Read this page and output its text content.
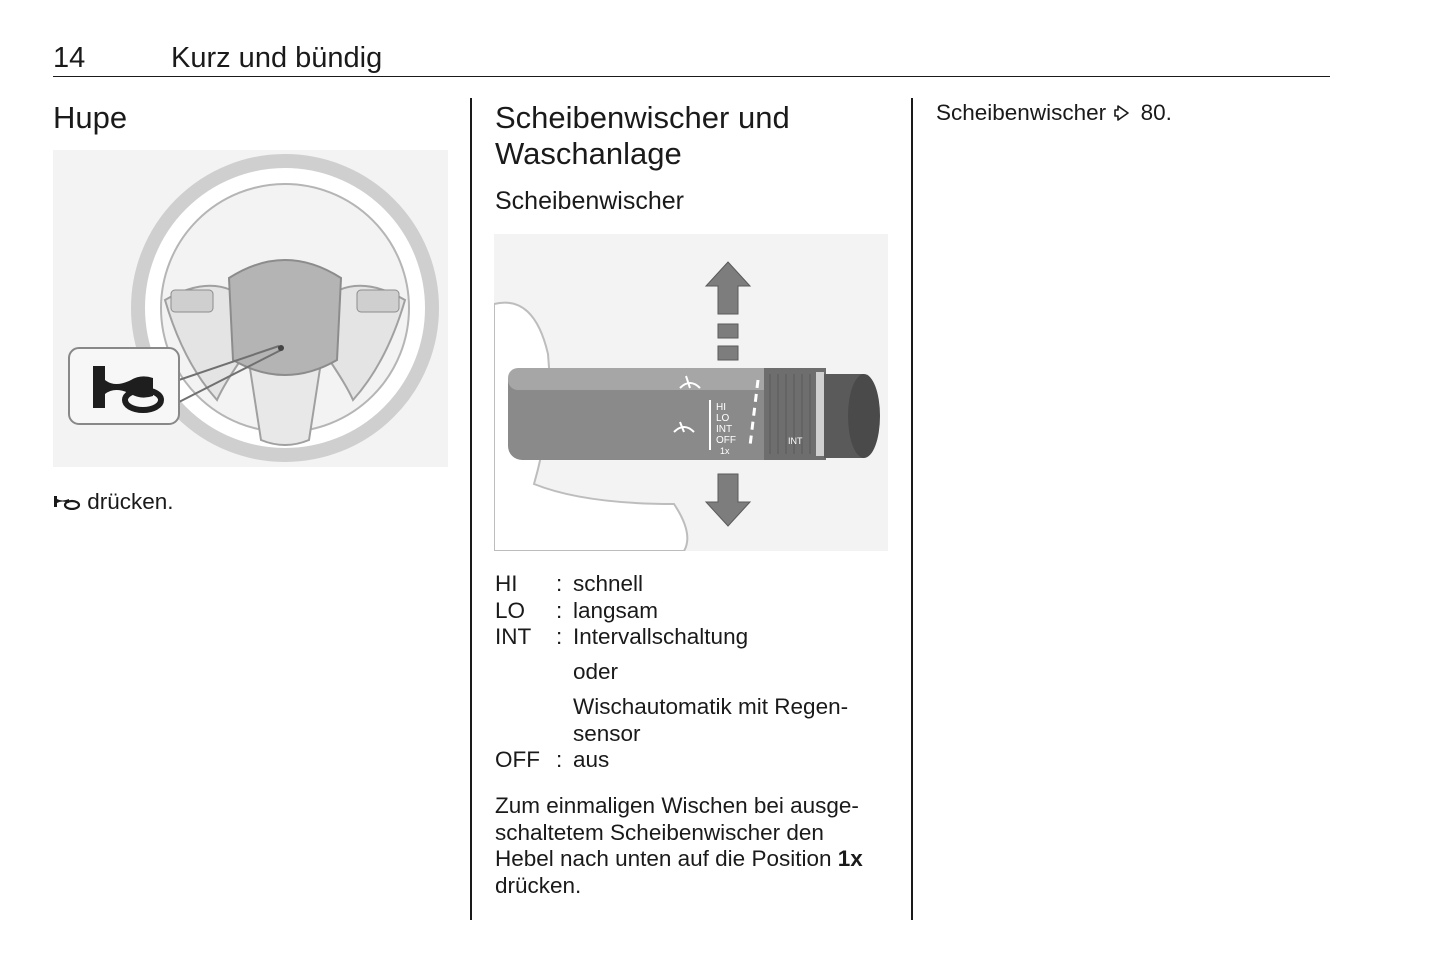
14	Kurz und bündig
Hupe
drücken.
Scheibenwischer und
Waschanlage
Scheibenwischer
HI
LO
INT
OFF
1x
INT
HI	: schnell
LO	: langsam
INT	: Intervallschaltung
oder
Wischautomatik mit Regen-
sensor
OFF : aus
Zum einmaligen Wischen bei ausge-
schaltetem Scheibenwischer den
Hebel nach unten auf die Position 1x
drücken.
Scheibenwischer 80.
